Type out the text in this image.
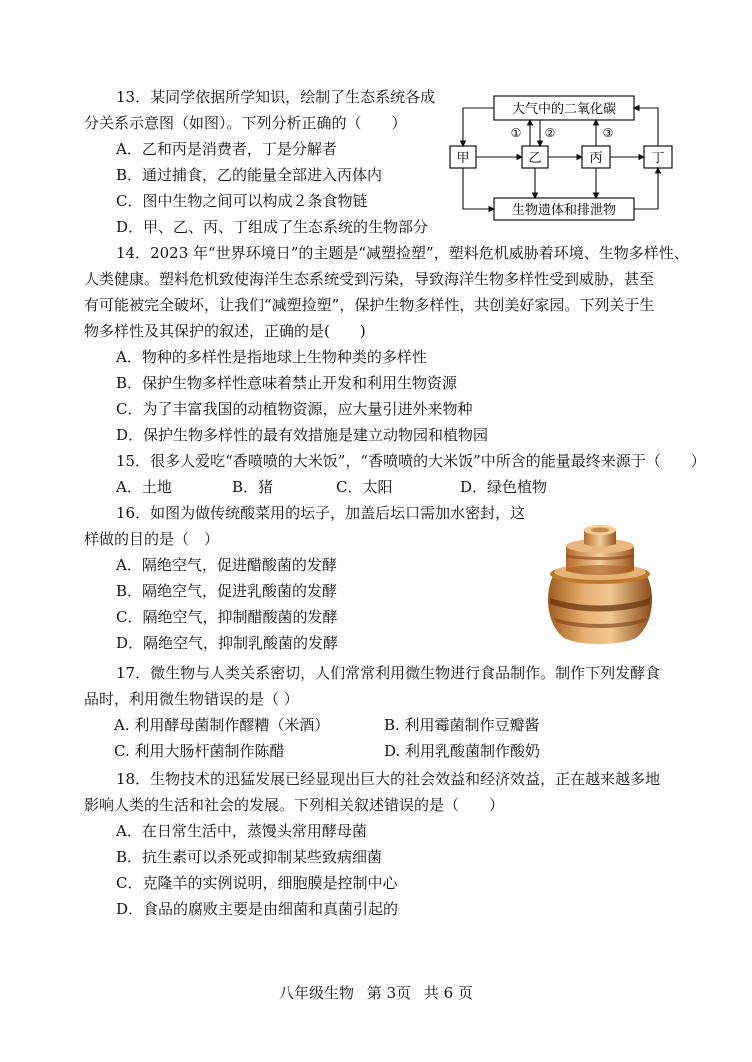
13．某同学依据所学知识，绘制了生态系统各成
分关系示意图（如图）。下列分析正确的（　　）
A．乙和丙是消费者，丁是分解者
B．通过捕食，乙的能量全部进入丙体内
C．图中生物之间可以构成２条食物链
D．甲、乙、丙、丁组成了生态系统的生物部分
大气中的二氧化碳
生物遗体和排泄物
甲	乙	丙	丁
① ②	③
14．2023 年“世界环境日”的主题是“减塑捡塑”，塑料危机威胁着环境、生物多样性、
人类健康。塑料危机致使海洋生态系统受到污染，导致海洋生物多样性受到威胁，甚至
有可能被完全破坏，让我们“减塑捡塑”，保护生物多样性，共创美好家园。下列关于生
物多样性及其保护的叙述，正确的是(　　)
A．物种的多样性是指地球上生物种类的多样性
B．保护生物多样性意味着禁止开发和利用生物资源
C．为了丰富我国的动植物资源，应大量引进外来物种
D．保护生物多样性的最有效措施是建立动物园和植物园
15．很多人爱吃“香喷喷的大米饭”，“香喷喷的大米饭”中所含的能量最终来源于（　　）
A．土地	B．猪	C．太阳	D．绿色植物
16．如图为做传统酸菜用的坛子，加盖后坛口需加水密封，这
样做的目的是（　）
A．隔绝空气，促进醋酸菌的发酵
B．隔绝空气，促进乳酸菌的发酵
C．隔绝空气，抑制醋酸菌的发酵
D．隔绝空气，抑制乳酸菌的发酵
17．微生物与人类关系密切，人们常常利用微生物进行食品制作。制作下列发酵食
品时，利用微生物错误的是（ ）
A. 利用酵母菌制作醪糟（米酒）	B. 利用霉菌制作豆瓣酱
C. 利用大肠杆菌制作陈醋	D. 利用乳酸菌制作酸奶
18．生物技术的迅猛发展已经显现出巨大的社会效益和经济效益，正在越来越多地
影响人类的生活和社会的发展。下列相关叙述错误的是（　　）
A．在日常生活中，蒸馒头常用酵母菌
B．抗生素可以杀死或抑制某些致病细菌
C．克隆羊的实例说明，细胞膜是控制中心
D．食品的腐败主要是由细菌和真菌引起的
八年级生物 第 3页 共 6 页
